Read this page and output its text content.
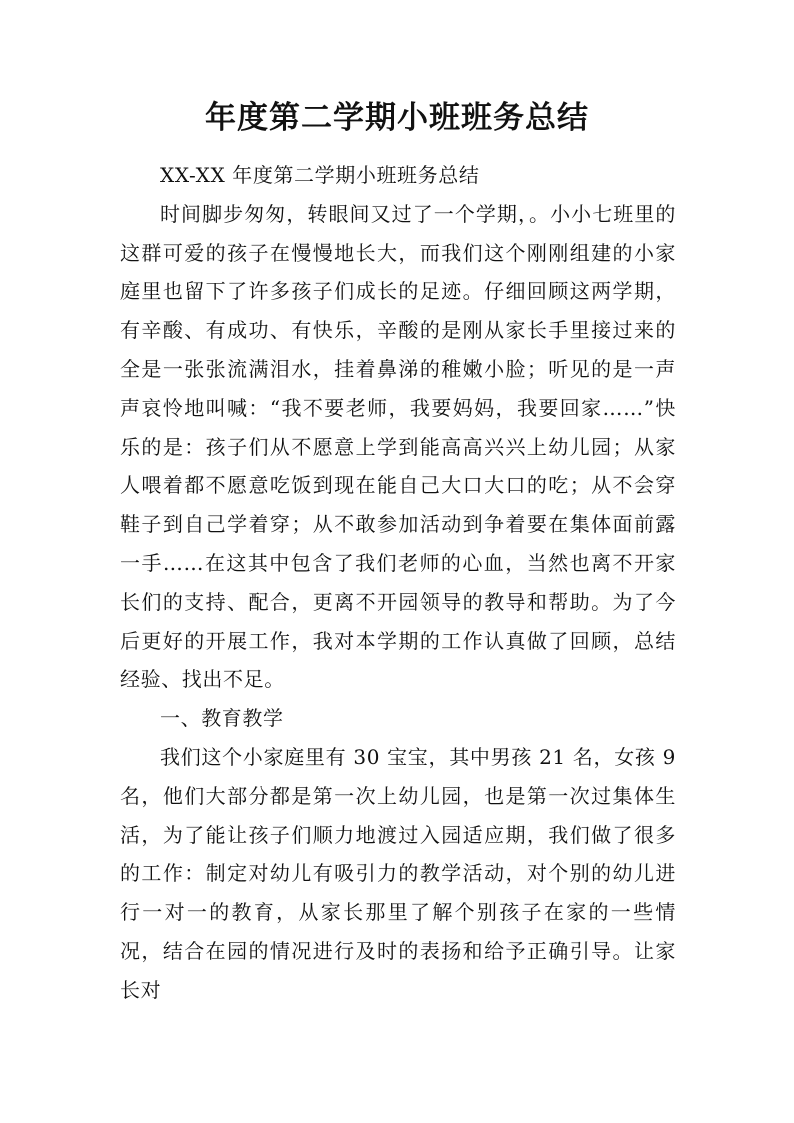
年度第二学期小班班务总结

XX-XX 年度第二学期小班班务总结

时间脚步匆匆，转眼间又过了一个学期，。小小七班里的这群可爱的孩子在慢慢地长大，而我们这个刚刚组建的小家庭里也留下了许多孩子们成长的足迹。仔细回顾这两学期，有辛酸、有成功、有快乐，辛酸的是刚从家长手里接过来的全是一张张流满泪水，挂着鼻涕的稚嫩小脸；听见的是一声声哀怜地叫喊：“我不要老师，我要妈妈，我要回家……”快乐的是：孩子们从不愿意上学到能高高兴兴上幼儿园；从家人喂着都不愿意吃饭到现在能自己大口大口的吃；从不会穿鞋子到自己学着穿；从不敢参加活动到争着要在集体面前露一手……在这其中包含了我们老师的心血，当然也离不开家长们的支持、配合，更离不开园领导的教导和帮助。为了今后更好的开展工作，我对本学期的工作认真做了回顾，总结经验、找出不足。

一、教育教学

我们这个小家庭里有 30 宝宝，其中男孩 21 名，女孩 9 名，他们大部分都是第一次上幼儿园，也是第一次过集体生活，为了能让孩子们顺力地渡过入园适应期，我们做了很多的工作：制定对幼儿有吸引力的教学活动，对个别的幼儿进行一对一的教育，从家长那里了解个别孩子在家的一些情况，结合在园的情况进行及时的表扬和给予正确引导。让家长对
